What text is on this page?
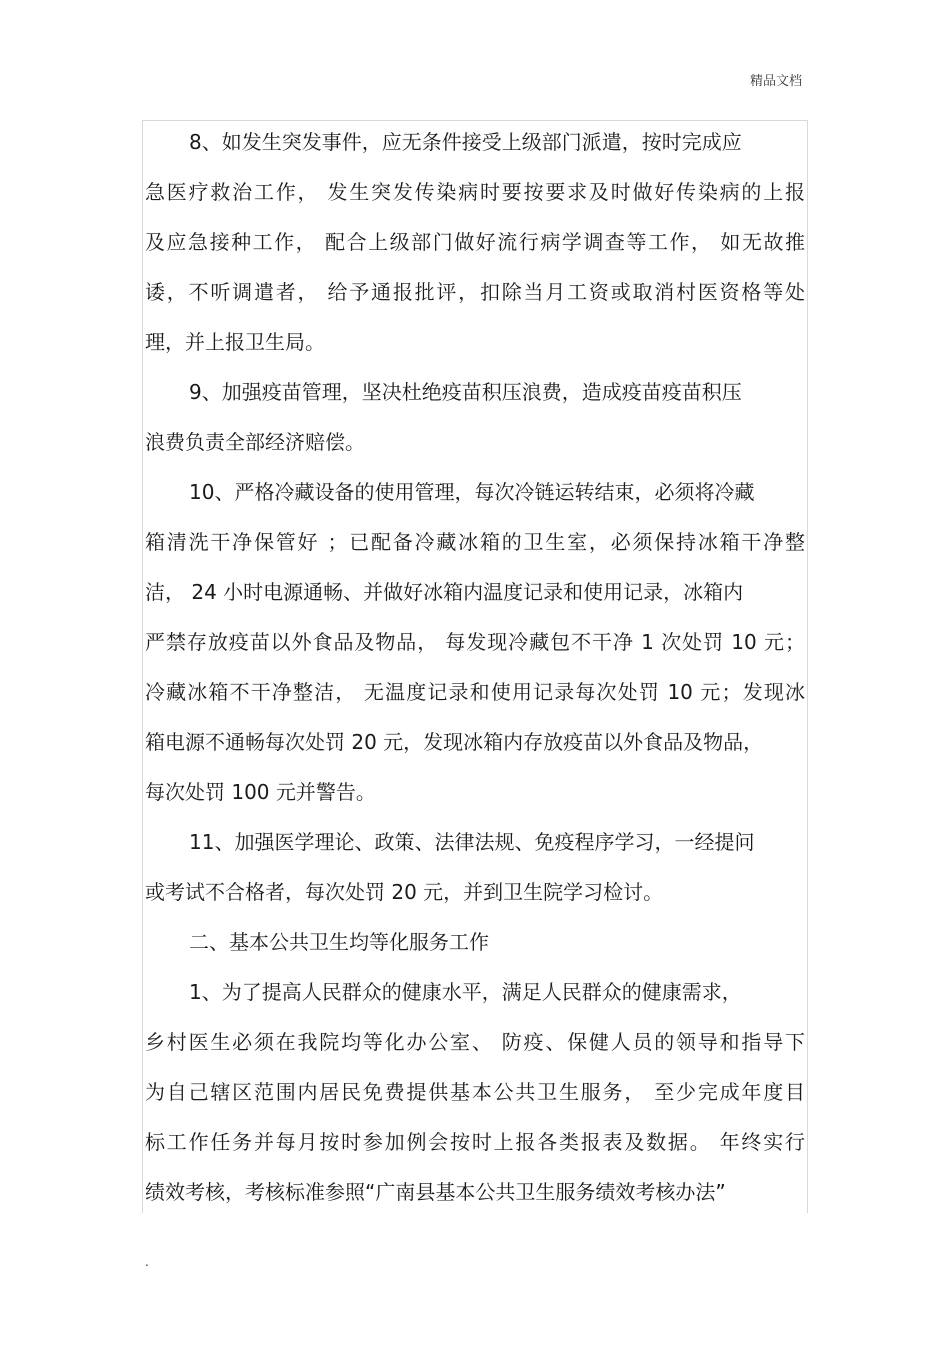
精品文档
8、如发生突发事件，应无条件接受上级部门派遣，按时完成应
急医疗救治工作， 发生突发传染病时要按要求及时做好传染病的上报
及应急接种工作， 配合上级部门做好流行病学调查等工作， 如无故推
诿，不听调遣者， 给予通报批评，扣除当月工资或取消村医资格等处
理，并上报卫生局。
9、加强疫苗管理，坚决杜绝疫苗积压浪费，造成疫苗疫苗积压
浪费负责全部经济赔偿。
10、严格冷藏设备的使用管理，每次冷链运转结束，必须将冷藏
箱清洗干净保管好 ；已配备冷藏冰箱的卫生室，必须保持冰箱干净整
洁， 24 小时电源通畅、并做好冰箱内温度记录和使用记录，冰箱内
严禁存放疫苗以外食品及物品， 每发现冷藏包不干净 1 次处罚 10 元；
冷藏冰箱不干净整洁， 无温度记录和使用记录每次处罚 10 元；发现冰
箱电源不通畅每次处罚 20 元，发现冰箱内存放疫苗以外食品及物品，
每次处罚 100 元并警告。
11、加强医学理论、政策、法律法规、免疫程序学习，一经提问
或考试不合格者，每次处罚 20 元，并到卫生院学习检讨。
二、基本公共卫生均等化服务工作
1、为了提高人民群众的健康水平，满足人民群众的健康需求，
乡村医生必须在我院均等化办公室、 防疫、保健人员的领导和指导下
为自己辖区范围内居民免费提供基本公共卫生服务， 至少完成年度目
标工作任务并每月按时参加例会按时上报各类报表及数据。 年终实行
绩效考核，考核标准参照“广南县基本公共卫生服务绩效考核办法”
.
